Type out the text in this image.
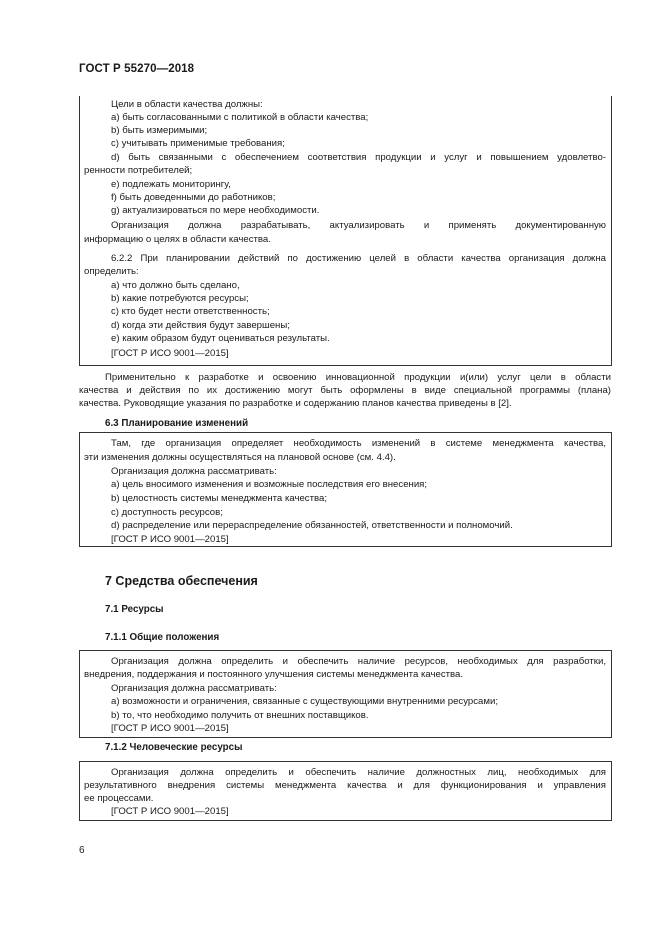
ГОСТ Р 55270—2018
Цели в области качества должны:
a) быть согласованными с политикой в области качества;
b) быть измеримыми;
c) учитывать применимые требования;
d) быть связанными с обеспечением соответствия продукции и услуг и повышением удовлетво-
ренности потребителей;
e) подлежать мониторингу,
f) быть доведенными до работников;
g) актуализироваться по мере необходимости.
Организация должна разрабатывать, актуализировать и применять документированную
информацию о целях в области качества.
6.2.2 При планировании действий по достижению целей в области качества организация должна
определить:
a) что должно быть сделано,
b) какие потребуются ресурсы;
c) кто будет нести ответственность;
d) когда эти действия будут завершены;
e) каким образом будут оцениваться результаты.
[ГОСТ Р ИСО 9001—2015]
Применительно к разработке и освоению инновационной продукции и(или) услуг цели в области
качества и действия по их достижению могут быть оформлены в виде специальной программы (плана)
качества. Руководящие указания по разработке и содержанию планов качества приведены в [2].
6.3 Планирование изменений
Там, где организация определяет необходимость изменений в системе менеджмента качества,
эти изменения должны осуществляться на плановой основе (см. 4.4).
Организация должна рассматривать:
a) цель вносимого изменения и возможные последствия его внесения;
b) целостность системы менеджмента качества;
c) доступность ресурсов;
d) распределение или перераспределение обязанностей, ответственности и полномочий.
[ГОСТ Р ИСО 9001—2015]
7 Средства обеспечения
7.1 Ресурсы
7.1.1 Общие положения
Организация должна определить и обеспечить наличие ресурсов, необходимых для разработки,
внедрения, поддержания и постоянного улучшения системы менеджмента качества.
Организация должна рассматривать:
a) возможности и ограничения, связанные с существующими внутренними ресурсами;
b) то, что необходимо получить от внешних поставщиков.
[ГОСТ Р ИСО 9001—2015]
7.1.2 Человеческие ресурсы
Организация должна определить и обеспечить наличие должностных лиц, необходимых для
результативного внедрения системы менеджмента качества и для функционирования и управления
ее процессами.
[ГОСТ Р ИСО 9001—2015]
6
